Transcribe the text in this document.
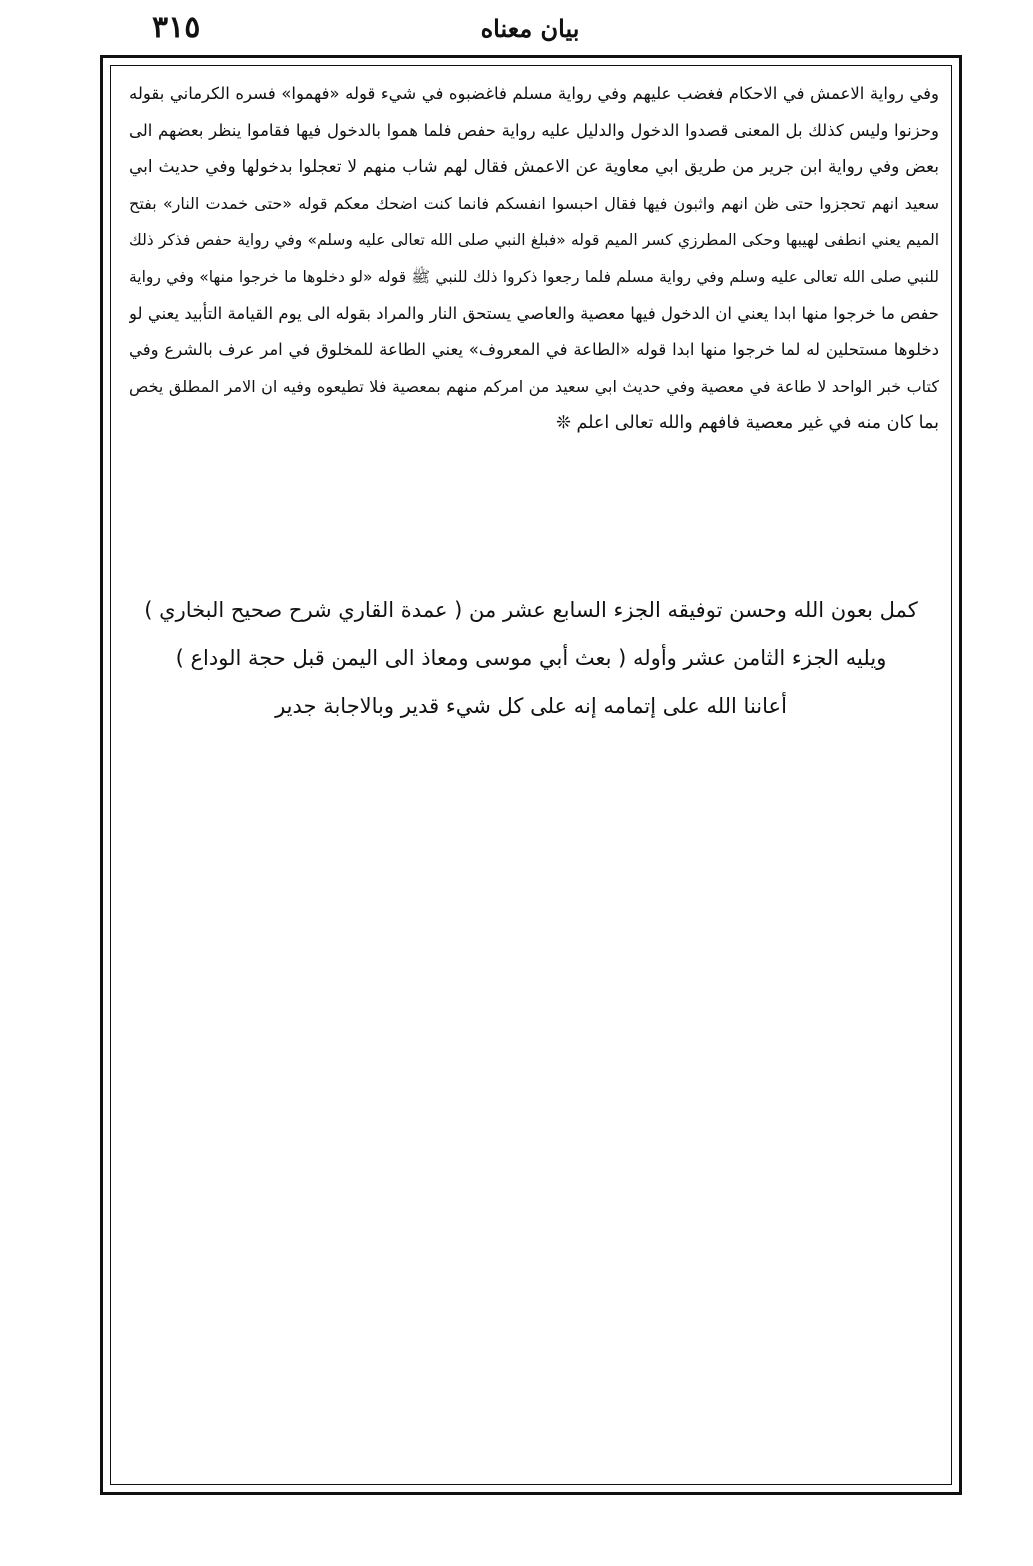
٣١٥	بيان معناه
وفي رواية الاعمش في الاحكام فغضب عليهم وفي رواية مسلم فاغضبوه في شيء قوله «فهموا» فسره الكرماني بقوله
وحزنوا وليس كذلك بل المعنى قصدوا الدخول والدليل عليه رواية حفص فلما هموا بالدخول فيها فقاموا ينظر بعضهم الى
بعض وفي رواية ابن جرير من طريق ابي معاوية عن الاعمش فقال لهم شاب منهم لا تعجلوا بدخولها وفي حديث ابي
سعيد انهم تحجزوا حتى ظن انهم واثبون فيها فقال احبسوا انفسكم فانما كنت اضحك معكم قوله «حتى خمدت النار» بفتح
الميم يعني انطفى لهيبها وحكى المطرزي كسر الميم قوله «فبلغ النبي صلى الله تعالى عليه وسلم» وفي رواية حفص فذكر ذلك
للنبي صلى الله تعالى عليه وسلم وفي رواية مسلم فلما رجعوا ذكروا ذلك للنبي ﷺ قوله «لو دخلوها ما خرجوا منها» وفي رواية
حفص ما خرجوا منها ابدا يعني ان الدخول فيها معصية والعاصي يستحق النار والمراد بقوله الى يوم القيامة التأبيد يعني لو
دخلوها مستحلين له لما خرجوا منها ابدا قوله «الطاعة في المعروف» يعني الطاعة للمخلوق في امر عرف بالشرع وفي
كتاب خبر الواحد لا طاعة في معصية وفي حديث ابي سعيد من امركم منهم بمعصية فلا تطيعوه وفيه ان الامر المطلق يخص
بما كان منه في غير معصية فافهم والله تعالى اعلم ❊
كمل بعون الله وحسن توفيقه الجزء السابع عشر من ( عمدة القاري شرح صحيح البخاري )
ويليه الجزء الثامن عشر وأوله ( بعث أبي موسى ومعاذ الى اليمن قبل حجة الوداع )
أعاننا الله على إتمامه إنه على كل شيء قدير وبالاجابة جدير
